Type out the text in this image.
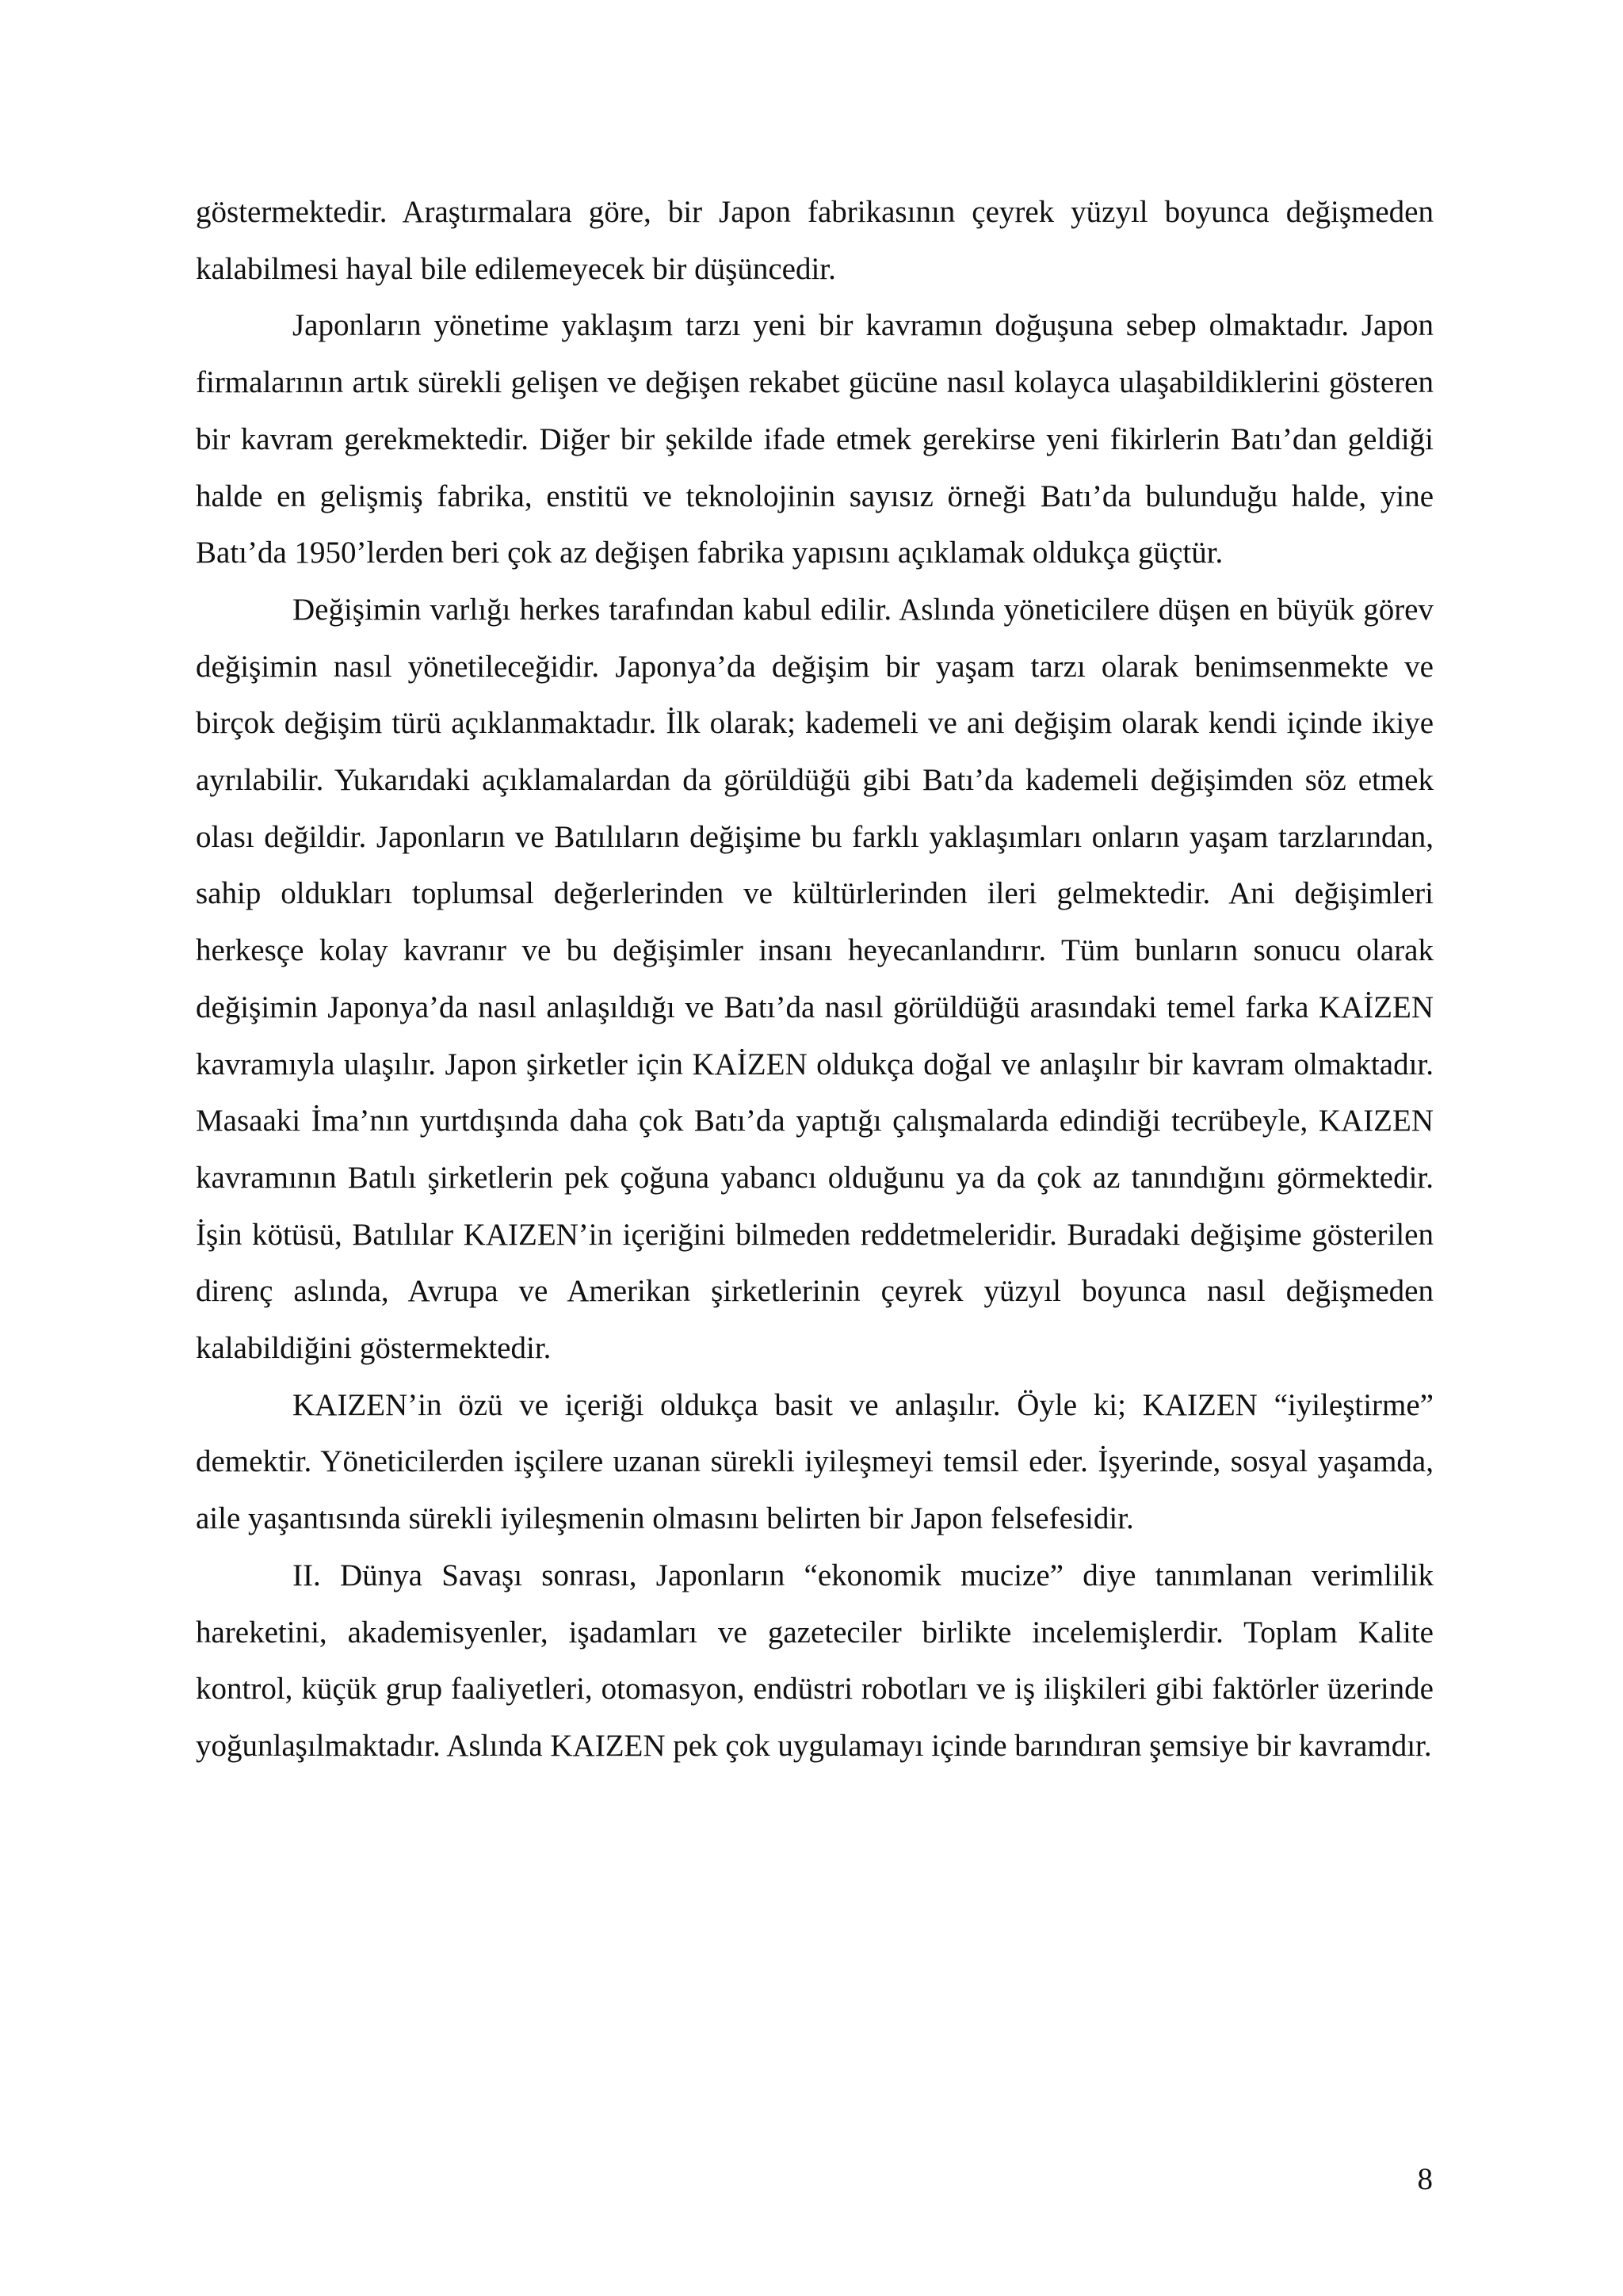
göstermektedir. Araştırmalara göre, bir Japon fabrikasının çeyrek yüzyıl boyunca değişmeden kalabilmesi hayal bile edilemeyecek bir düşüncedir.

Japonların yönetime yaklaşım tarzı yeni bir kavramın doğuşuna sebep olmaktadır. Japon firmalarının artık sürekli gelişen ve değişen rekabet gücüne nasıl kolayca ulaşabildiklerini gösteren bir kavram gerekmektedir. Diğer bir şekilde ifade etmek gerekirse yeni fikirlerin Batı’dan geldiği halde en gelişmiş fabrika, enstitü ve teknolojinin sayısız örneği Batı’da bulunduğu halde, yine Batı’da 1950’lerden beri çok az değişen fabrika yapısını açıklamak oldukça güçtür.

Değişimin varlığı herkes tarafından kabul edilir. Aslında yöneticilere düşen en büyük görev değişimin nasıl yönetileceğidir. Japonya’da değişim bir yaşam tarzı olarak benimsenmekte ve birçok değişim türü açıklanmaktadır. İlk olarak; kademeli ve ani değişim olarak kendi içinde ikiye ayrılabilir. Yukarıdaki açıklamalardan da görüldüğü gibi Batı’da kademeli değişimden söz etmek olası değildir. Japonların ve Batılıların değişime bu farklı yaklaşımları onların yaşam tarzlarından, sahip oldukları toplumsal değerlerinden ve kültürlerinden ileri gelmektedir. Ani değişimleri herkesçe kolay kavranır ve bu değişimler insanı heyecanlandırır. Tüm bunların sonucu olarak değişimin Japonya’da nasıl anlaşıldığı ve Batı’da nasıl görüldüğü arasındaki temel farka KAİZEN kavramıyla ulaşılır. Japon şirketler için KAİZEN oldukça doğal ve anlaşılır bir kavram olmaktadır. Masaaki İma’nın yurtdışında daha çok Batı’da yaptığı çalışmalarda edindiği tecrübeyle, KAIZEN kavramının Batılı şirketlerin pek çoğuna yabancı olduğunu ya da çok az tanındığını görmektedir. İşin kötüsü, Batılılar KAIZEN’in içeriğini bilmeden reddetmeleridir. Buradaki değişime gösterilen direnç aslında, Avrupa ve Amerikan şirketlerinin çeyrek yüzyıl boyunca nasıl değişmeden kalabildiğini göstermektedir.

KAIZEN’in özü ve içeriği oldukça basit ve anlaşılır. Öyle ki; KAIZEN “iyileştirme” demektir. Yöneticilerden işçilere uzanan sürekli iyileşmeyi temsil eder. İşyerinde, sosyal yaşamda, aile yaşantısında sürekli iyileşmenin olmasını belirten bir Japon felsefesidir.

II. Dünya Savaşı sonrası, Japonların “ekonomik mucize” diye tanımlanan verimlilik hareketini, akademisyenler, işadamları ve gazeteciler birlikte incelemişlerdir. Toplam Kalite kontrol, küçük grup faaliyetleri, otomasyon, endüstri robotları ve iş ilişkileri gibi faktörler üzerinde yoğunlaşılmaktadır. Aslında KAIZEN pek çok uygulamayı içinde barındıran şemsiye bir kavramdır.

8
